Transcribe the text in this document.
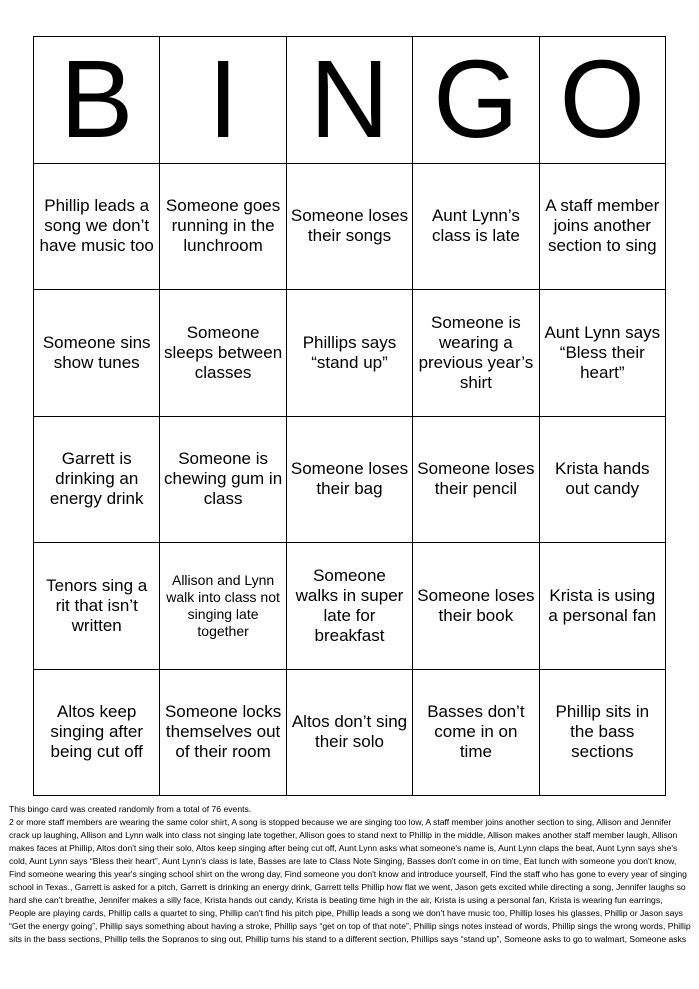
B I N G O
Phillip leads a song we don’t have music too
Someone goes running in the lunchroom
Someone loses their songs
Aunt Lynn’s class is late
A staff member joins another section to sing
Someone sins show tunes
Someone sleeps between classes
Phillips says “stand up”
Someone is wearing a previous year’s shirt
Aunt Lynn says “Bless their heart”
Garrett is drinking an energy drink
Someone is chewing gum in class
Someone loses their bag
Someone loses their pencil
Krista hands out candy
Tenors sing a rit that isn’t written
Allison and Lynn walk into class not singing late together
Someone walks in super late for breakfast
Someone loses their book
Krista is using a personal fan
Altos keep singing after being cut off
Someone locks themselves out of their room
Altos don’t sing their solo
Basses don’t come in on time
Phillip sits in the bass sections

This bingo card was created randomly from a total of 76 events.

2 or more staff members are wearing the same color shirt, A song is stopped because we are singing too low, A staff member joins another section to sing, Allison and Jennifer crack up laughing, Allison and Lynn walk into class not singing late together, Allison goes to stand next to Phillip in the middle, Allison makes another staff member laugh, Allison makes faces at Phillip, Altos don't sing their solo, Altos keep singing after being cut off, Aunt Lynn asks what someone's name is, Aunt Lynn claps the beat, Aunt Lynn says she's cold, Aunt Lynn says “Bless their heart”, Aunt Lynn's class is late, Basses are late to Class Note Singing, Basses don't come in on time, Eat lunch with someone you don't know, Find someone wearing this year's singing school shirt on the wrong day, Find someone you don't know and introduce yourself, Find the staff who has gone to every year of singing school in Texas., Garrett is asked for a pitch, Garrett is drinking an energy drink, Garrett tells Phillip how flat we went, Jason gets excited while directing a song, Jennifer laughs so hard she can't breathe, Jennifer makes a silly face, Krista hands out candy, Krista is beating time high in the air, Krista is using a personal fan, Krista is wearing fun earrings, People are playing cards, Phillip calls a quartet to sing, Phillip can't find his pitch pipe, Phillip leads a song we don't have music too, Phillip loses his glasses, Phillip or Jason says “Get the energy going”, Phillip says something about having a stroke, Phillip says “get on top of that note”, Phillip sings notes instead of words, Phillip sings the wrong words, Phillip sits in the bass sections, Phillip tells the Sopranos to sing out, Phillip turns his stand to a different section, Phillips says “stand up”, Someone asks to go to walmart, Someone asks
